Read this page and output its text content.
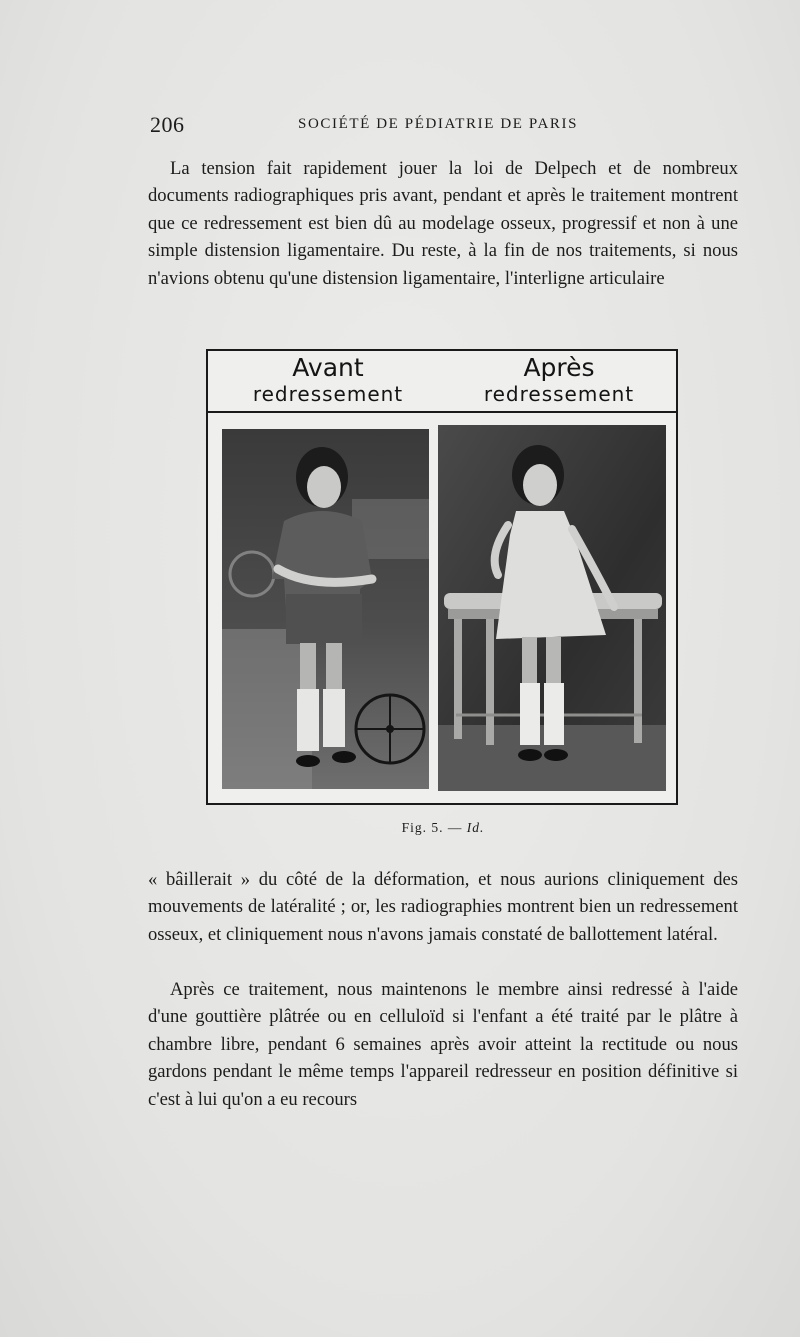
206	SOCIÉTÉ DE PÉDIATRIE DE PARIS

La tension fait rapidement jouer la loi de Delpech et de nombreux documents radiographiques pris avant, pendant et après le traitement montrent que ce redressement est bien dû au modelage osseux, progressif et non à une simple distension ligamentaire. Du reste, à la fin de nos traitements, si nous n'avions obtenu qu'une distension ligamentaire, l'interligne articulaire

Avant
redressement
Après
redressement
Fig. 5. — Id.

« bâillerait » du côté de la déformation, et nous aurions cliniquement des mouvements de latéralité ; or, les radiographies montrent bien un redressement osseux, et cliniquement nous n'avons jamais constaté de ballottement latéral.

Après ce traitement, nous maintenons le membre ainsi redressé à l'aide d'une gouttière plâtrée ou en celluloïd si l'enfant a été traité par le plâtre à chambre libre, pendant 6 semaines après avoir atteint la rectitude ou nous gardons pendant le même temps l'appareil redresseur en position définitive si c'est à lui qu'on a eu recours
